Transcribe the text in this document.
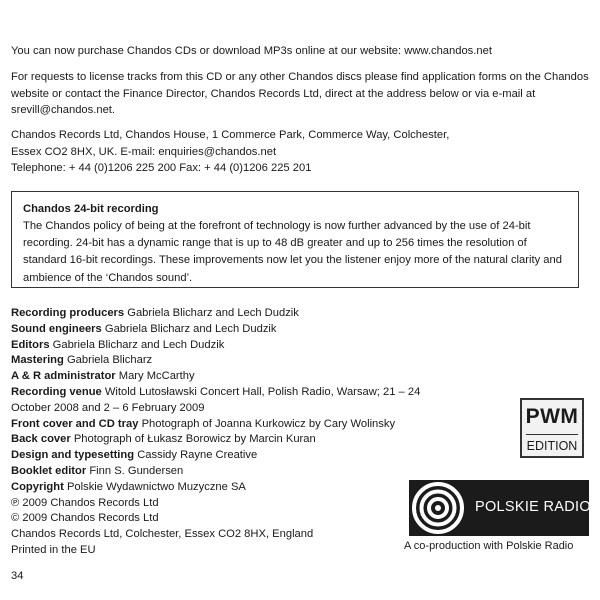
You can now purchase Chandos CDs or download MP3s online at our website: www.chandos.net

For requests to license tracks from this CD or any other Chandos discs please find application forms on the Chandos website or contact the Finance Director, Chandos Records Ltd, direct at the address below or via e-mail at srevill@chandos.net.

Chandos Records Ltd, Chandos House, 1 Commerce Park, Commerce Way, Colchester,
Essex CO2 8HX, UK. E-mail: enquiries@chandos.net
Telephone: + 44 (0)1206 225 200 Fax: + 44 (0)1206 225 201
Chandos 24-bit recording
The Chandos policy of being at the forefront of technology is now further advanced by the use of 24-bit recording. 24-bit has a dynamic range that is up to 48 dB greater and up to 256 times the resolution of standard 16-bit recordings. These improvements now let you the listener enjoy more of the natural clarity and ambience of the ‘Chandos sound’.
Recording producers Gabriela Blicharz and Lech Dudzik
Sound engineers Gabriela Blicharz and Lech Dudzik
Editors Gabriela Blicharz and Lech Dudzik
Mastering Gabriela Blicharz
A & R administrator Mary McCarthy
Recording venue Witold Lutosławski Concert Hall, Polish Radio, Warsaw; 21 – 24 October 2008 and 2 – 6 February 2009
Front cover and CD tray Photograph of Joanna Kurkowicz by Cary Wolinsky
Back cover Photograph of Łukasz Borowicz by Marcin Kuran
Design and typesetting Cassidy Rayne Creative
Booklet editor Finn S. Gundersen
Copyright Polskie Wydawnictwo Muzyczne SA
℗ 2009 Chandos Records Ltd
© 2009 Chandos Records Ltd
Chandos Records Ltd, Colchester, Essex CO2 8HX, England
Printed in the EU
PWM
EDITION
POLSKIE RADIO
A co-production with Polskie Radio
34
